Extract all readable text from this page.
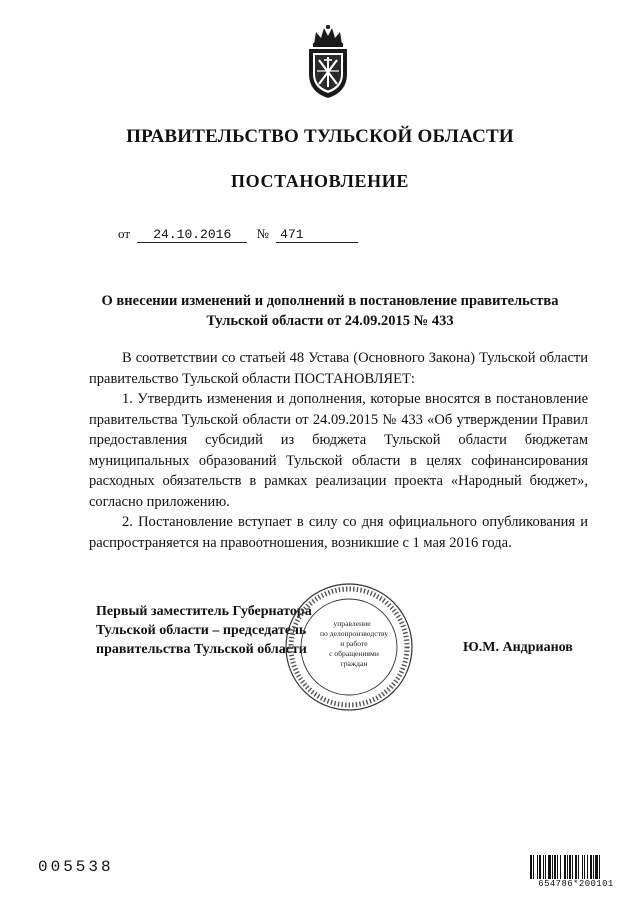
ПРАВИТЕЛЬСТВО ТУЛЬСКОЙ ОБЛАСТИ
ПОСТАНОВЛЕНИЕ
от 24.10.2016 № 471
О внесении изменений и дополнений в постановление правительства
Тульской области от 24.09.2015 № 433

В соответствии со статьей 48 Устава (Основного Закона) Тульской области правительство Тульской области ПОСТАНОВЛЯЕТ:

1. Утвердить изменения и дополнения, которые вносятся в постановление правительства Тульской области от 24.09.2015 № 433 «Об утверждении Правил предоставления субсидий из бюджета Тульской области бюджетам муниципальных образований Тульской области в целях софинансирования расходных обязательств в рамках реализации проекта «Народный бюджет», согласно приложению.

2. Постановление вступает в силу со дня официального опубликования и распространяется на правоотношения, возникшие с 1 мая 2016 года.

Первый заместитель Губернатора
Тульской области – председатель
правительства Тульской области	Ю.М. Андрианов
управление
по делопроизводству
и работе
с обращениями
граждан
005538
654786*200101
